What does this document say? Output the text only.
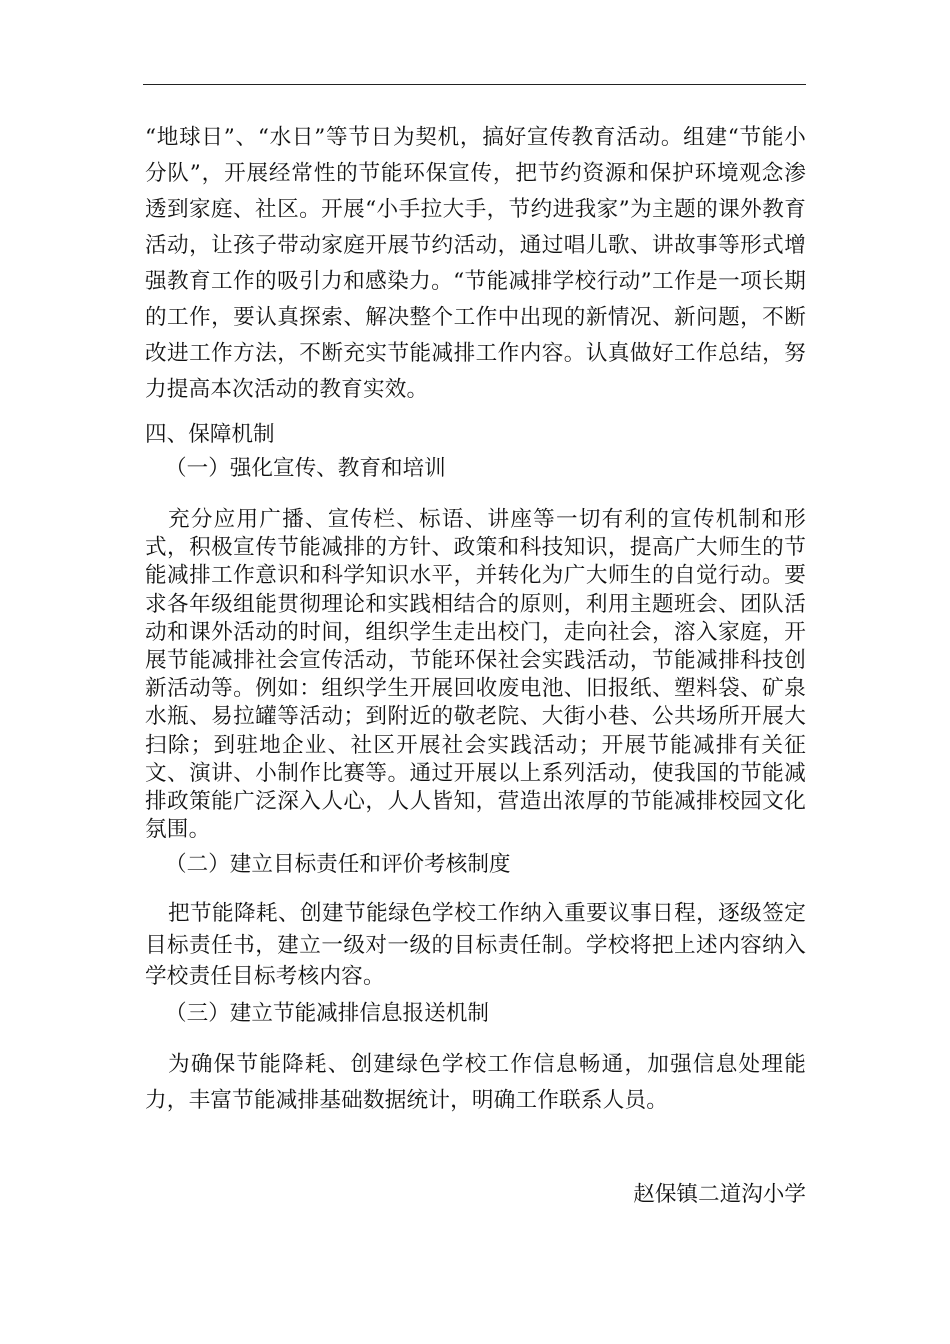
“地球日”、“水日”等节日为契机，搞好宣传教育活动。组建“节能小分队”，开展经常性的节能环保宣传，把节约资源和保护环境观念渗透到家庭、社区。开展“小手拉大手，节约进我家”为主题的课外教育活动，让孩子带动家庭开展节约活动，通过唱儿歌、讲故事等形式增强教育工作的吸引力和感染力。“节能减排学校行动”工作是一项长期的工作，要认真探索、解决整个工作中出现的新情况、新问题，不断改进工作方法，不断充实节能减排工作内容。认真做好工作总结，努力提高本次活动的教育实效。

四、保障机制
（一）强化宣传、教育和培训

充分应用广播、宣传栏、标语、讲座等一切有利的宣传机制和形式，积极宣传节能减排的方针、政策和科技知识，提高广大师生的节能减排工作意识和科学知识水平，并转化为广大师生的自觉行动。要求各年级组能贯彻理论和实践相结合的原则，利用主题班会、团队活动和课外活动的时间，组织学生走出校门，走向社会，溶入家庭，开展节能减排社会宣传活动，节能环保社会实践活动，节能减排科技创新活动等。例如：组织学生开展回收废电池、旧报纸、塑料袋、矿泉水瓶、易拉罐等活动；到附近的敬老院、大街小巷、公共场所开展大扫除；到驻地企业、社区开展社会实践活动；开展节能减排有关征文、演讲、小制作比赛等。通过开展以上系列活动，使我国的节能减排政策能广泛深入人心，人人皆知，营造出浓厚的节能减排校园文化氛围。

（二）建立目标责任和评价考核制度

把节能降耗、创建节能绿色学校工作纳入重要议事日程，逐级签定目标责任书，建立一级对一级的目标责任制。学校将把上述内容纳入学校责任目标考核内容。

（三）建立节能减排信息报送机制

为确保节能降耗、创建绿色学校工作信息畅通，加强信息处理能力，丰富节能减排基础数据统计，明确工作联系人员。

赵保镇二道沟小学
